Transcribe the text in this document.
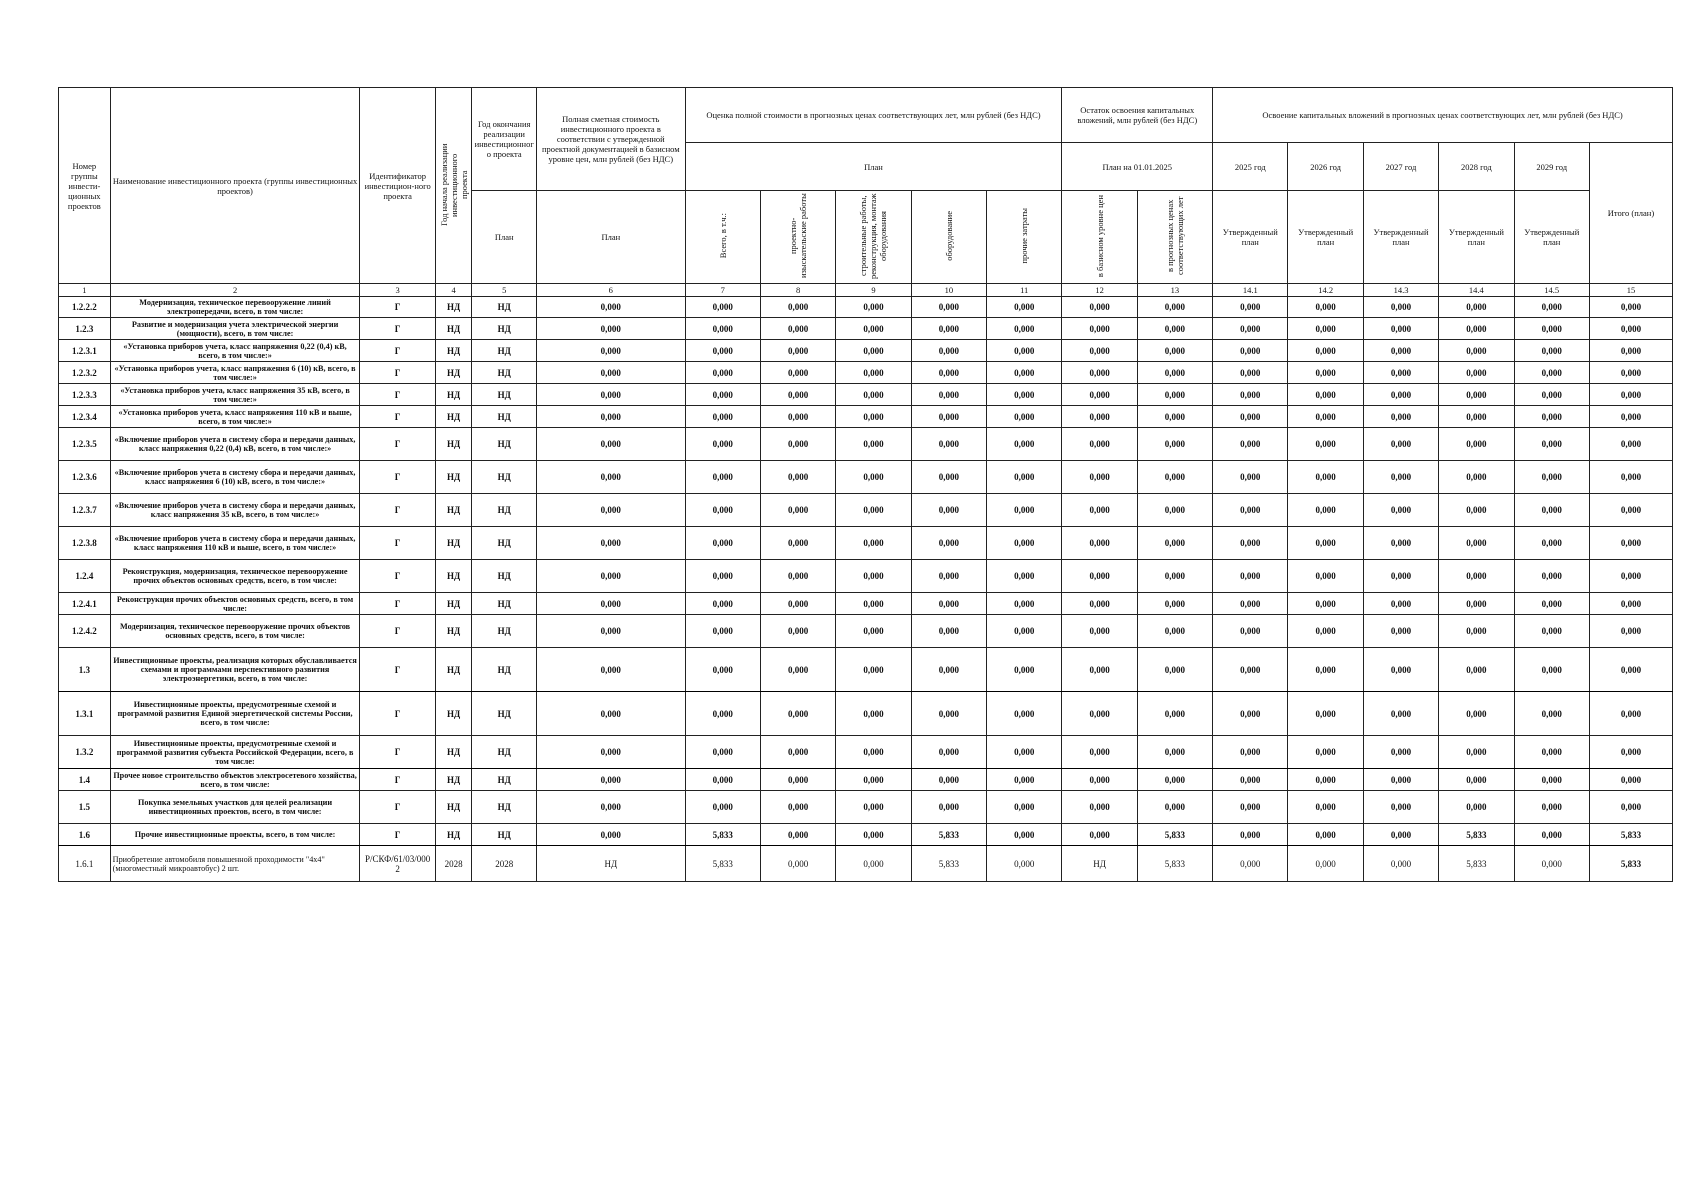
Номер группы инвести-ционных проектов	Наименование инвестиционного проекта (группы инвестиционных проектов)	Идентификатор инвестицион-ного проекта	Год начала реализации инвестиционного проекта	Год окончания реализации инвестиционного проекта	Полная сметная стоимость инвестиционного проекта в соответствии с утвержденной проектной документацией в базисном уровне цен, млн рублей (без НДС)	Оценка полной стоимости в прогнозных ценах соответствующих лет, млн рублей (без НДС)					Остаток освоения капитальных вложений, млн рублей (без НДС)		Освоение капитальных вложений в прогнозных ценах соответствующих лет, млн рублей (без НДС)					
						План					План на 01.01.2025		2025 год	2026 год	2027 год	2028 год	2029 год	Итого (план)
				План	План	Всего, в т.ч.:	проектно-изыскательские работы	строительные работы, реконструкция, монтаж оборудования	оборудование	прочие затраты	в базисном уровне цен	в прогнозных ценах соответствующих лет	Утвержденный план	Утвержденный план	Утвержденный план	Утвержденный план	Утвержденный план	
1	2	3	4	5	6	7	8	9	10	11	12	13	14.1	14.2	14.3	14.4	14.5	15
1.2.2.2	Модернизация, техническое перевооружение линий электропередачи, всего, в том числе:	Г	НД	НД	0,000	0,000	0,000	0,000	0,000	0,000	0,000	0,000	0,000	0,000	0,000	0,000	0,000	0,000
1.2.3	Развитие и модернизация учета электрической энергии (мощности), всего, в том числе:	Г	НД	НД	0,000	0,000	0,000	0,000	0,000	0,000	0,000	0,000	0,000	0,000	0,000	0,000	0,000	0,000
1.2.3.1	«Установка приборов учета, класс напряжения 0,22 (0,4) кВ, всего, в том числе:»	Г	НД	НД	0,000	0,000	0,000	0,000	0,000	0,000	0,000	0,000	0,000	0,000	0,000	0,000	0,000	0,000
1.2.3.2	«Установка приборов учета, класс напряжения 6 (10) кВ, всего, в том числе:»	Г	НД	НД	0,000	0,000	0,000	0,000	0,000	0,000	0,000	0,000	0,000	0,000	0,000	0,000	0,000	0,000
1.2.3.3	«Установка приборов учета, класс напряжения 35 кВ, всего, в том числе:»	Г	НД	НД	0,000	0,000	0,000	0,000	0,000	0,000	0,000	0,000	0,000	0,000	0,000	0,000	0,000	0,000
1.2.3.4	«Установка приборов учета, класс напряжения 110 кВ и выше, всего, в том числе:»	Г	НД	НД	0,000	0,000	0,000	0,000	0,000	0,000	0,000	0,000	0,000	0,000	0,000	0,000	0,000	0,000
1.2.3.5	«Включение приборов учета в систему сбора и передачи данных, класс напряжения 0,22 (0,4) кВ, всего, в том числе:»	Г	НД	НД	0,000	0,000	0,000	0,000	0,000	0,000	0,000	0,000	0,000	0,000	0,000	0,000	0,000	0,000
1.2.3.6	«Включение приборов учета в систему сбора и передачи данных, класс напряжения 6 (10) кВ, всего, в том числе:»	Г	НД	НД	0,000	0,000	0,000	0,000	0,000	0,000	0,000	0,000	0,000	0,000	0,000	0,000	0,000	0,000
1.2.3.7	«Включение приборов учета в систему сбора и передачи данных, класс напряжения 35 кВ, всего, в том числе:»	Г	НД	НД	0,000	0,000	0,000	0,000	0,000	0,000	0,000	0,000	0,000	0,000	0,000	0,000	0,000	0,000
1.2.3.8	«Включение приборов учета в систему сбора и передачи данных, класс напряжения 110 кВ и выше, всего, в том числе:»	Г	НД	НД	0,000	0,000	0,000	0,000	0,000	0,000	0,000	0,000	0,000	0,000	0,000	0,000	0,000	0,000
1.2.4	Реконструкция, модернизация, техническое перевооружение прочих объектов основных средств, всего, в том числе:	Г	НД	НД	0,000	0,000	0,000	0,000	0,000	0,000	0,000	0,000	0,000	0,000	0,000	0,000	0,000	0,000
1.2.4.1	Реконструкция прочих объектов основных средств, всего, в том числе:	Г	НД	НД	0,000	0,000	0,000	0,000	0,000	0,000	0,000	0,000	0,000	0,000	0,000	0,000	0,000	0,000
1.2.4.2	Модернизация, техническое перевооружение прочих объектов основных средств, всего, в том числе:	Г	НД	НД	0,000	0,000	0,000	0,000	0,000	0,000	0,000	0,000	0,000	0,000	0,000	0,000	0,000	0,000
1.3	Инвестиционные проекты, реализация которых обуславливается схемами и программами перспективного развития электроэнергетики, всего, в том числе:	Г	НД	НД	0,000	0,000	0,000	0,000	0,000	0,000	0,000	0,000	0,000	0,000	0,000	0,000	0,000	0,000
1.3.1	Инвестиционные проекты, предусмотренные схемой и программой развития Единой энергетической системы России, всего, в том числе:	Г	НД	НД	0,000	0,000	0,000	0,000	0,000	0,000	0,000	0,000	0,000	0,000	0,000	0,000	0,000	0,000
1.3.2	Инвестиционные проекты, предусмотренные схемой и программой развития субъекта Российской Федерации, всего, в том числе:	Г	НД	НД	0,000	0,000	0,000	0,000	0,000	0,000	0,000	0,000	0,000	0,000	0,000	0,000	0,000	0,000
1.4	Прочее новое строительство объектов электросетевого хозяйства, всего, в том числе:	Г	НД	НД	0,000	0,000	0,000	0,000	0,000	0,000	0,000	0,000	0,000	0,000	0,000	0,000	0,000	0,000
1.5	Покупка земельных участков для целей реализации инвестиционных проектов, всего, в том числе:	Г	НД	НД	0,000	0,000	0,000	0,000	0,000	0,000	0,000	0,000	0,000	0,000	0,000	0,000	0,000	0,000
1.6	Прочие инвестиционные проекты, всего, в том числе:	Г	НД	НД	0,000	5,833	0,000	0,000	5,833	0,000	0,000	5,833	0,000	0,000	0,000	5,833	0,000	5,833
1.6.1	Приобретение автомобиля повышенной проходимости "4х4" (многоместный микроавтобус) 2 шт.	Р/СКФ/61/03/000 2	2028	2028	НД	5,833	0,000	0,000	5,833	0,000	НД	5,833	0,000	0,000	0,000	5,833	0,000	5,833
